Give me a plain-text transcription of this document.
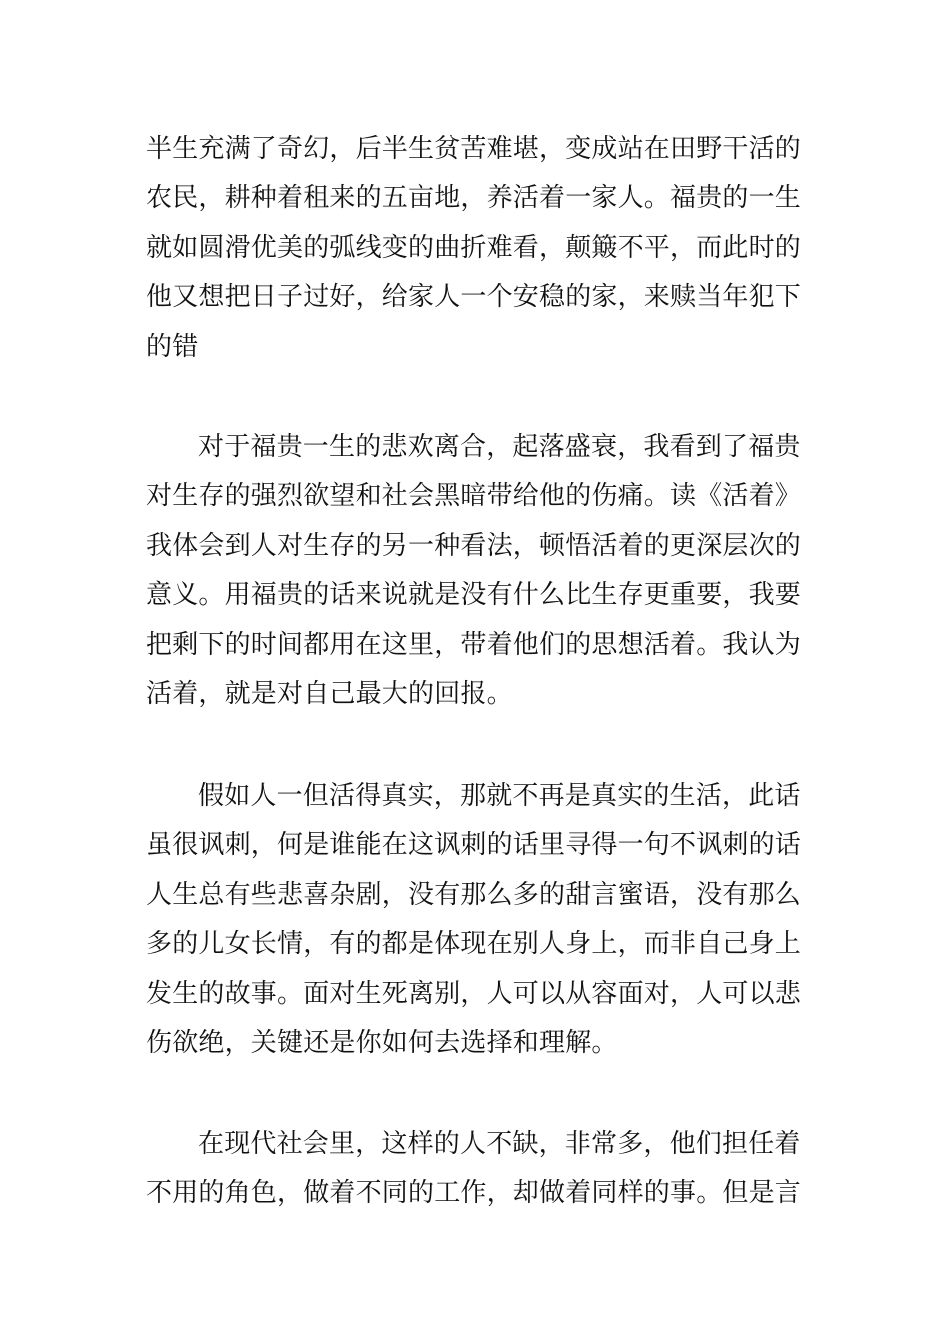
半生充满了奇幻，后半生贫苦难堪，变成站在田野干活的
农民，耕种着租来的五亩地，养活着一家人。福贵的一生
就如圆滑优美的弧线变的曲折难看，颠簸不平，而此时的
他又想把日子过好，给家人一个安稳的家，来赎当年犯下
的错
对于福贵一生的悲欢离合，起落盛衰，我看到了福贵
对生存的强烈欲望和社会黑暗带给他的伤痛。读《活着》
我体会到人对生存的另一种看法，顿悟活着的更深层次的
意义。用福贵的话来说就是没有什么比生存更重要，我要
把剩下的时间都用在这里，带着他们的思想活着。我认为
活着，就是对自己最大的回报。
假如人一但活得真实，那就不再是真实的生活，此话
虽很讽刺，何是谁能在这讽刺的话里寻得一句不讽刺的话
人生总有些悲喜杂剧，没有那么多的甜言蜜语，没有那么
多的儿女长情，有的都是体现在别人身上，而非自己身上
发生的故事。面对生死离别，人可以从容面对，人可以悲
伤欲绝，关键还是你如何去选择和理解。
在现代社会里，这样的人不缺，非常多，他们担任着
不用的角色，做着不同的工作，却做着同样的事。但是言
